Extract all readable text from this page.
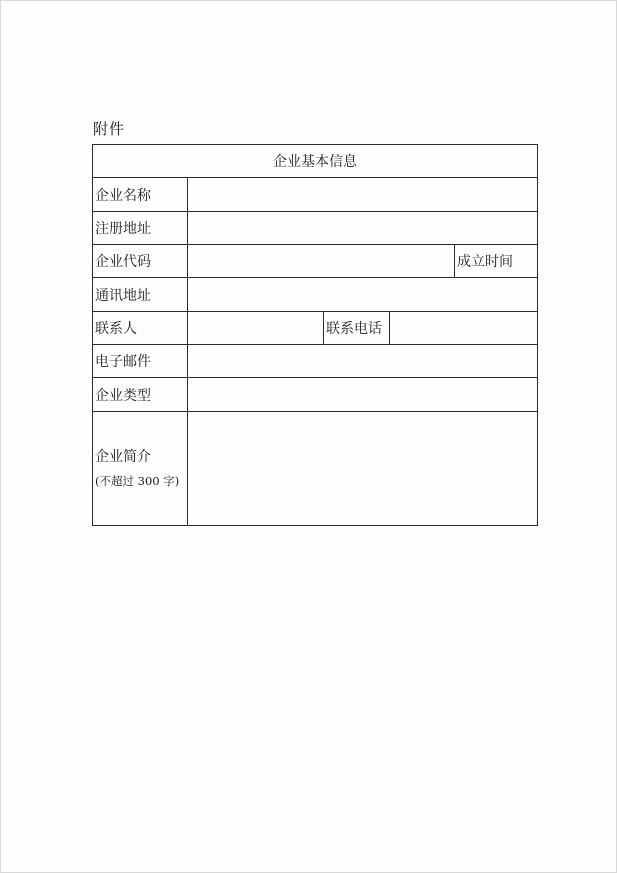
附件
企业基本信息					
企业名称					
注册地址					
企业代码				成立时间	
通讯地址					
联系人		联系电话			
电子邮件					
企业类型					

企业简介
(不超过 300 字)					
